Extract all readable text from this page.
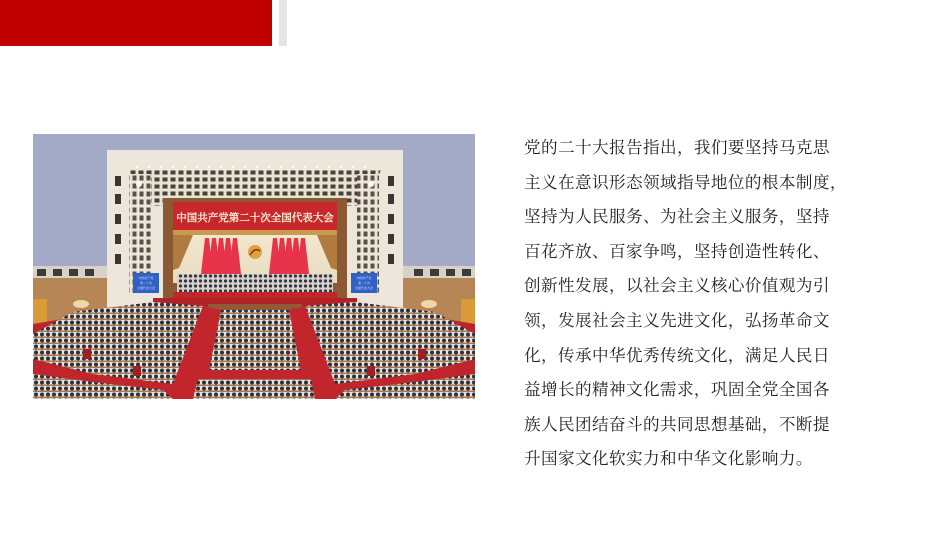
中国共产党第二十次全国代表大会
中国共产党
第二十次
全国代表大会
中国共产党
第二十次
全国代表大会
党的二十大报告指出，我们要坚持马克思
主义在意识形态领域指导地位的根本制度，
坚持为人民服务、为社会主义服务，坚持
百花齐放、百家争鸣，坚持创造性转化、
创新性发展，以社会主义核心价值观为引
领，发展社会主义先进文化，弘扬革命文
化，传承中华优秀传统文化，满足人民日
益增长的精神文化需求，巩固全党全国各
族人民团结奋斗的共同思想基础，不断提
升国家文化软实力和中华文化影响力。
